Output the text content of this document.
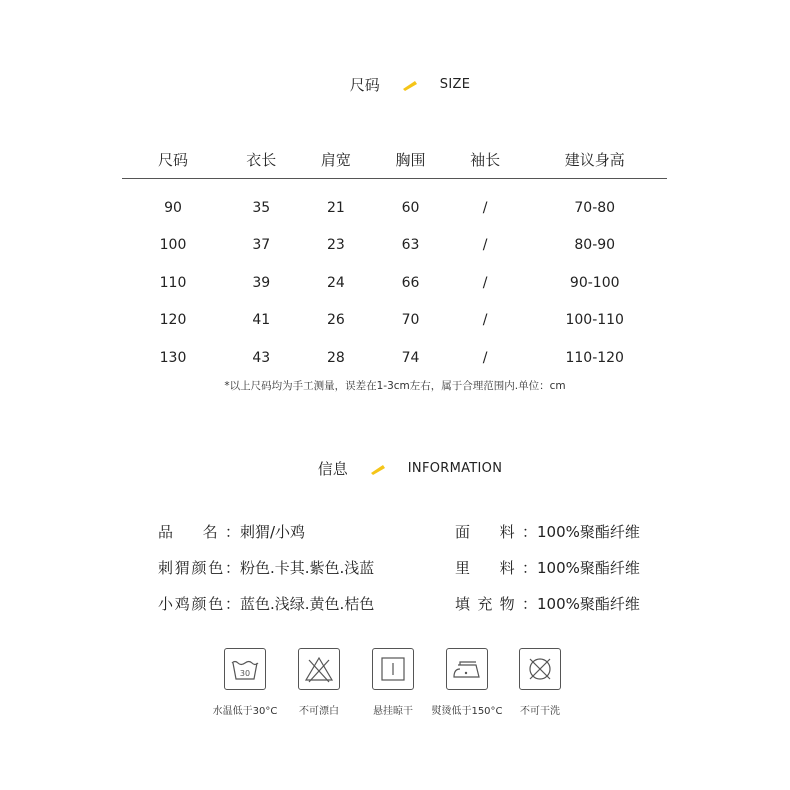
尺码	SIZE
尺码	衣长	肩宽	胸围	袖长	建议身高

90	35	21	60	/	70-80
100	37	23	63	/	80-90
110	39	24	66	/	90-100
120	41	26	70	/	100-110
130	43	28	74	/	110-120
*以上尺码均为手工测量，误差在1-3cm左右，属于合理范围内.单位：cm
信息	INFORMATION
品　名： 刺猬/小鸡
刺猬颜色： 粉色.卡其.紫色.浅蓝
小鸡颜色： 蓝色.浅绿.黄色.桔色
面　料： 100%聚酯纤维
里　料： 100%聚酯纤维
填充物： 100%聚酯纤维
30
水温低于30°C 不可漂白	悬挂晾干 熨烫低于150°C 不可干洗
